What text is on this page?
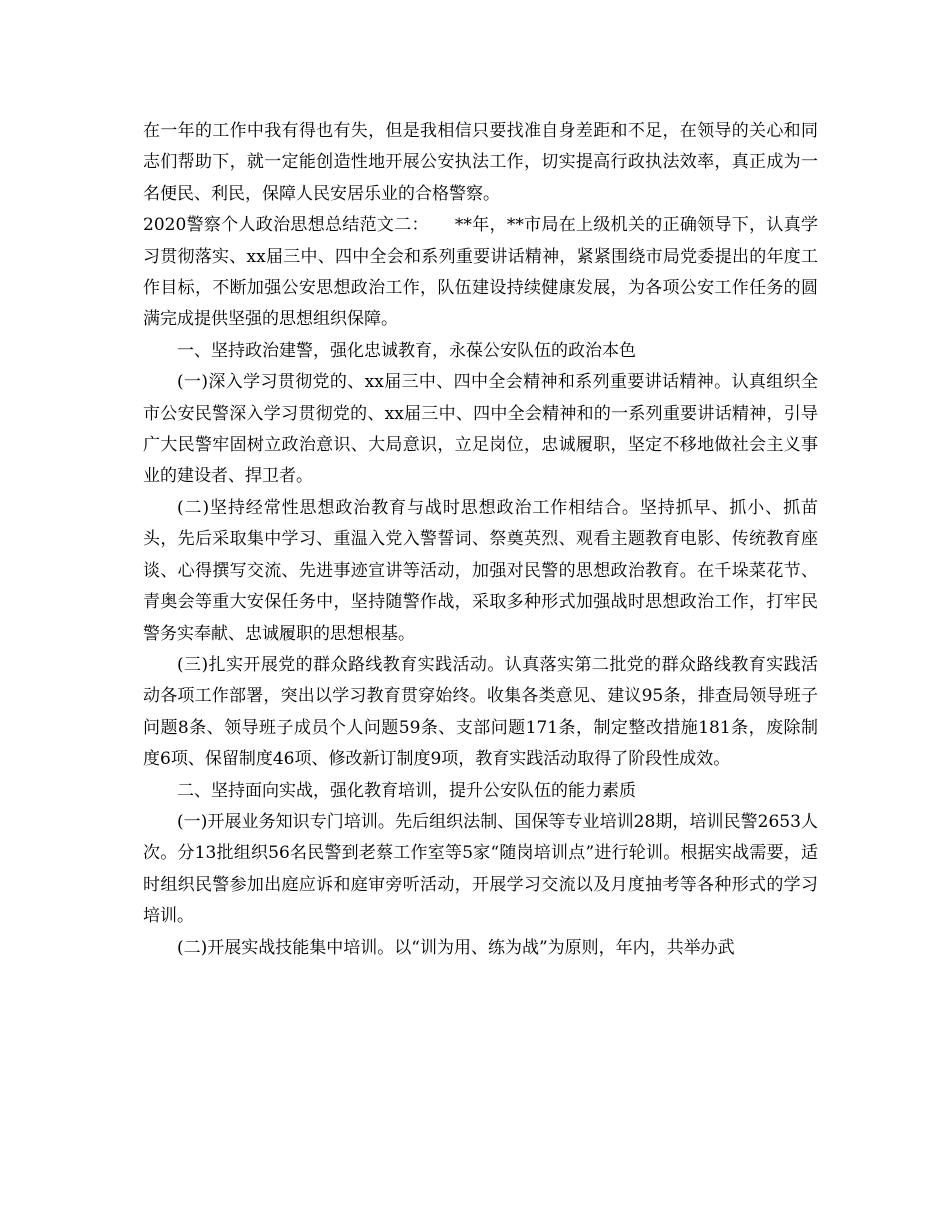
在一年的工作中我有得也有失，但是我相信只要找准自身差距和不足，在领导的关心和同志们帮助下，就一定能创造性地开展公安执法工作，切实提高行政执法效率，真正成为一名便民、利民，保障人民安居乐业的合格警察。

2020警察个人政治思想总结范文二：　　**年，**市局在上级机关的正确领导下，认真学习贯彻落实、xx届三中、四中全会和系列重要讲话精神，紧紧围绕市局党委提出的年度工作目标，不断加强公安思想政治工作，队伍建设持续健康发展，为各项公安工作任务的圆满完成提供坚强的思想组织保障。

一、坚持政治建警，强化忠诚教育，永葆公安队伍的政治本色

(一)深入学习贯彻党的、xx届三中、四中全会精神和系列重要讲话精神。认真组织全市公安民警深入学习贯彻党的、xx届三中、四中全会精神和的一系列重要讲话精神，引导广大民警牢固树立政治意识、大局意识，立足岗位，忠诚履职，坚定不移地做社会主义事业的建设者、捍卫者。

(二)坚持经常性思想政治教育与战时思想政治工作相结合。坚持抓早、抓小、抓苗头，先后采取集中学习、重温入党入警誓词、祭奠英烈、观看主题教育电影、传统教育座谈、心得撰写交流、先进事迹宣讲等活动，加强对民警的思想政治教育。在千垛菜花节、青奥会等重大安保任务中，坚持随警作战，采取多种形式加强战时思想政治工作，打牢民警务实奉献、忠诚履职的思想根基。

(三)扎实开展党的群众路线教育实践活动。认真落实第二批党的群众路线教育实践活动各项工作部署，突出以学习教育贯穿始终。收集各类意见、建议95条，排查局领导班子问题8条、领导班子成员个人问题59条、支部问题171条，制定整改措施181条，废除制度6项、保留制度46项、修改新订制度9项，教育实践活动取得了阶段性成效。

二、坚持面向实战，强化教育培训，提升公安队伍的能力素质

(一)开展业务知识专门培训。先后组织法制、国保等专业培训28期，培训民警2653人次。分13批组织56名民警到老蔡工作室等5家“随岗培训点”进行轮训。根据实战需要，适时组织民警参加出庭应诉和庭审旁听活动，开展学习交流以及月度抽考等各种形式的学习培训。

(二)开展实战技能集中培训。以“训为用、练为战”为原则，年内，共举办武
